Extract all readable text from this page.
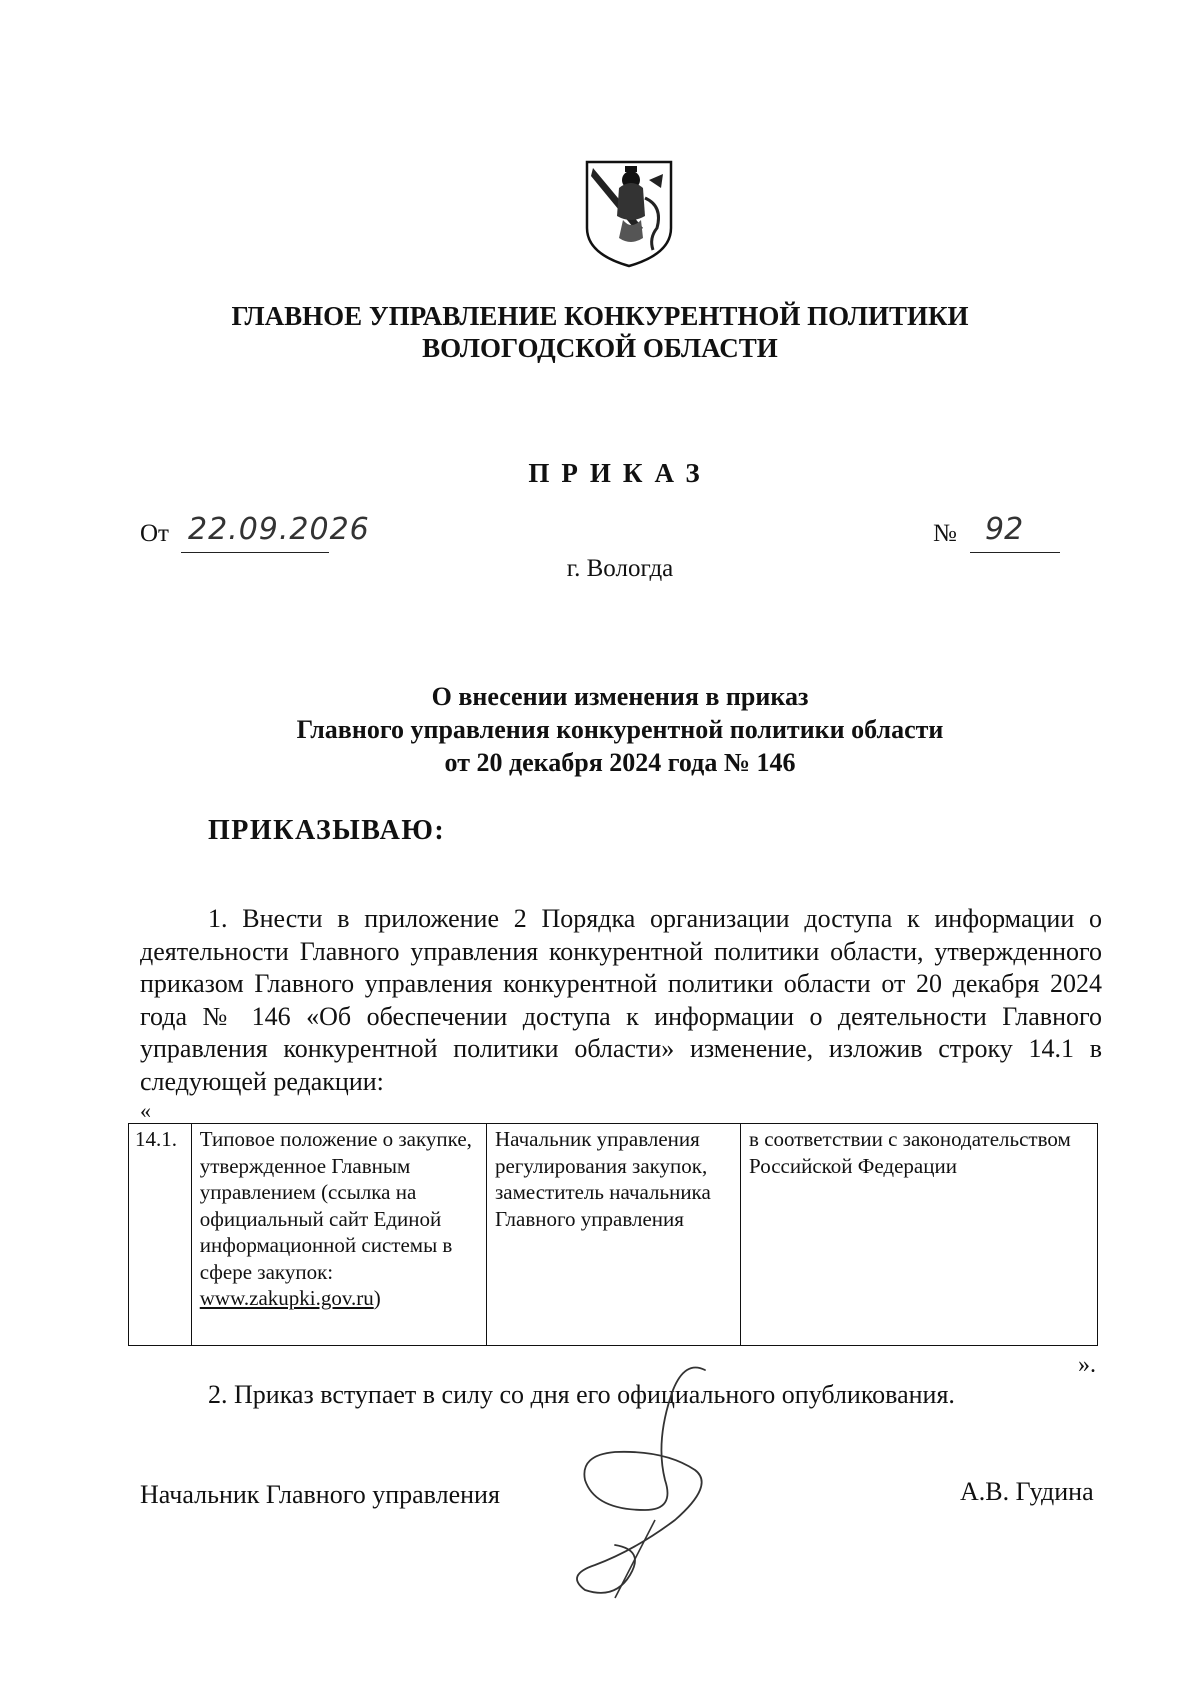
ГЛАВНОЕ УПРАВЛЕНИЕ КОНКУРЕНТНОЙ ПОЛИТИКИ
ВОЛОГОДСКОЙ ОБЛАСТИ
ПРИКАЗ
От 22.09.2026	№ 92
г. Вологда
О внесении изменения в приказ
Главного управления конкурентной политики области
от 20 декабря 2024 года № 146
ПРИКАЗЫВАЮ:
1. Внести в приложение 2 Порядка организации доступа к информации о деятельности Главного управления конкурентной политики области, утвержденного приказом Главного управления конкурентной политики области от 20 декабря 2024 года № 146 «Об обеспечении доступа к информации о деятельности Главного управления конкурентной политики области» изменение, изложив строку 14.1 в следующей редакции:
«
14.1.	Типовое положение о закупке, утвержденное Главным управлением (ссылка на официальный сайт Единой информационной системы в сфере закупок: www.zakupki.gov.ru)	Начальник управления регулирования закупок, заместитель начальника Главного управления	в соответствии с законодательством Российской Федерации
».
2. Приказ вступает в силу со дня его официального опубликования.
Начальник Главного управления	А.В. Гудина
